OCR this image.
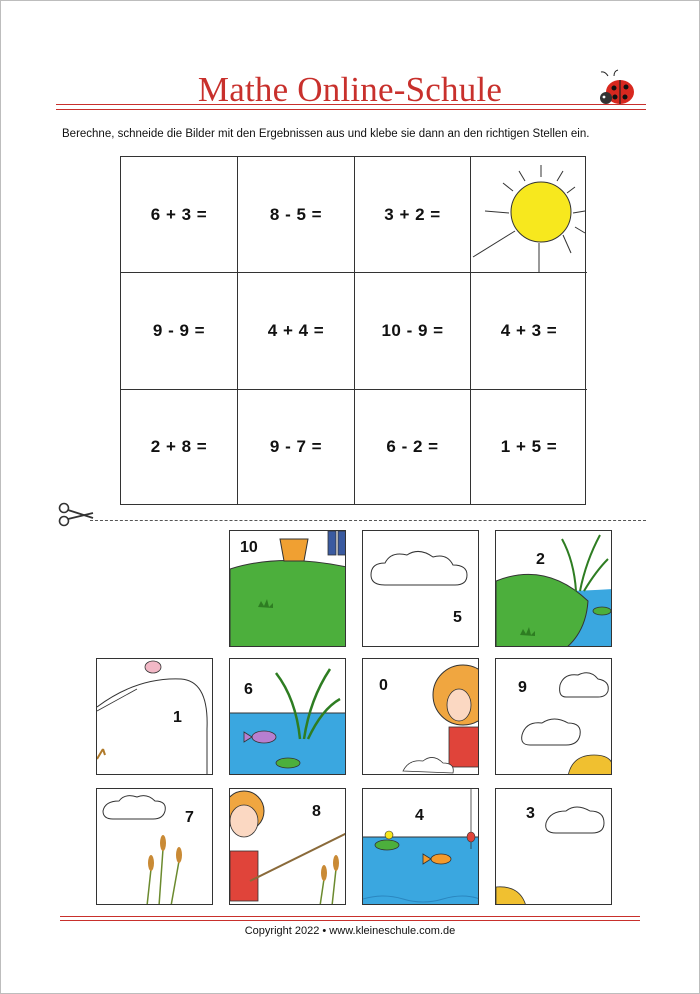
Mathe Online-Schule
Berechne, schneide die Bilder mit den Ergebnissen aus und klebe sie dann an den richtigen Stellen ein.
6 + 3 =	8 - 5 =	3 + 2 =
9 - 9 =	4 + 4 =	10 - 9 =	4 + 3 =
2 + 8 =	9 - 7 =	6 - 2 =	1 + 5 =
10
5
2
1
6	0	9
7	8	4	3
Copyright 2022 • www.kleineschule.com.de
